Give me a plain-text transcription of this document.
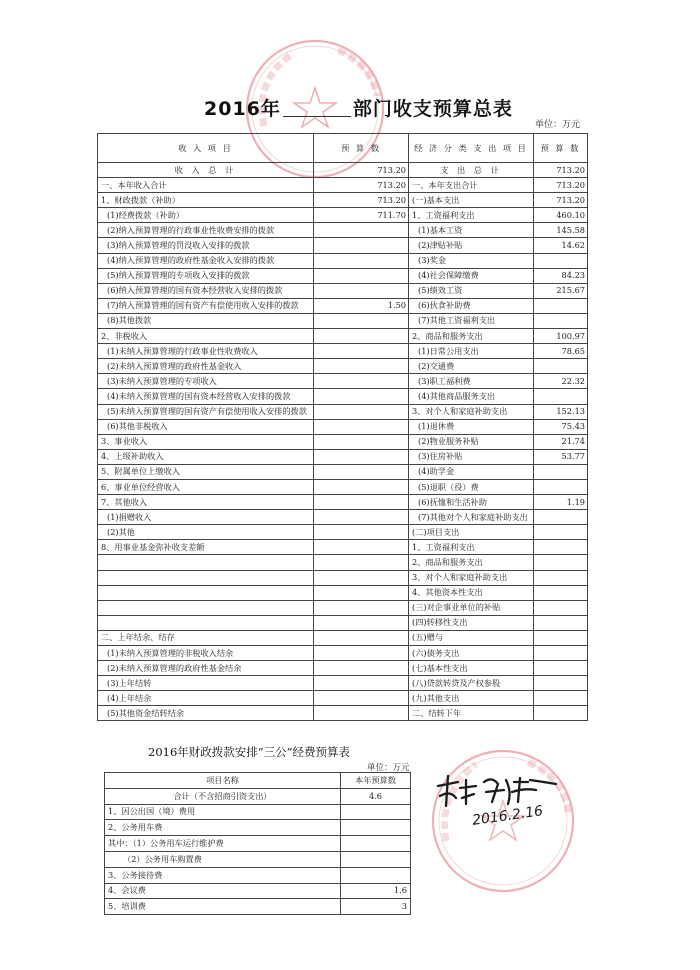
2016年	部门收支预算总表
单位：万元
收 入 项 目	预 算 数	经 济 分 类 支 出 项 目	预 算 数
收 入 总 计	713.20	支 出 总 计	713.20
一、本年收入合计	713.20	一、本年支出合计	713.20
1、财政拨款（补助）	713.20	(一)基本支出	713.20
(1)经费拨款（补助）	711.70	1、工资福利支出	460.10
(2)纳入预算管理的行政事业性收费安排的拨款		(1)基本工资	145.58
(3)纳入预算管理的罚没收入安排的拨款		(2)津贴补贴	14.62
(4)纳入预算管理的政府性基金收入安排的拨款		(3)奖金	
(5)纳入预算管理的专项收入安排的拨款		(4)社会保障缴费	84.23
(6)纳入预算管理的国有资本经营收入安排的拨款		(5)绩效工资	215.67
(7)纳入预算管理的国有资产有偿使用收入安排的拨款	1.50	(6)伙食补助费	
(8)其他拨款		(7)其他工资福利支出	
2、非税收入		2、商品和服务支出	100.97
(1)未纳入预算管理的行政事业性收费收入		(1)日常公用支出	78.65
(2)未纳入预算管理的政府性基金收入		(2)交通费	
(3)未纳入预算管理的专项收入		(3)职工福利费	22.32
(4)未纳入预算管理的国有资本经营收入安排的拨款		(4)其他商品服务支出	
(5)未纳入预算管理的国有资产有偿使用收入安排的拨款		3、对个人和家庭补助支出	152.13
(6)其他非税收入		(1)退休费	75.43
3、事业收入		(2)物业服务补贴	21.74
4、上级补助收入		(3)住房补贴	53.77
5、附属单位上缴收入		(4)助学金	
6、事业单位经营收入		(5)退职（役）费	
7、其他收入		(6)抚恤和生活补助	1.19
(1)捐赠收入		(7)其他对个人和家庭补助支出	
(2)其他		(二)项目支出	
8、用事业基金弥补收支差额		1、工资福利支出	
		2、商品和服务支出	
		3、对个人和家庭补助支出	
		4、其他资本性支出	
		(三)对企事业单位的补贴	
		(四)转移性支出	
二、上年结余、结存		(五)赠与	
(1)未纳入预算管理的非税收入结余		(六)债务支出	
(2)未纳入预算管理的政府性基金结余		(七)基本性支出	
(3)上年结转		(八)贷款转贷及产权参股	
(4)上年结余		(九)其他支出	
(5)其他资金结转结余		二、结转下年	
2016年财政拨款安排“三公”经费预算表
单位：万元
项目名称	本年预算数
合计（不含招商引资支出）	4.6
1、因公出国（境）费用	
2、公务用车费	
其中：（1）公务用车运行维护费	
（2）公务用车购置费	
3、公务接待费	
4、会议费	1.6
5、培训费	3
2016.2.16
